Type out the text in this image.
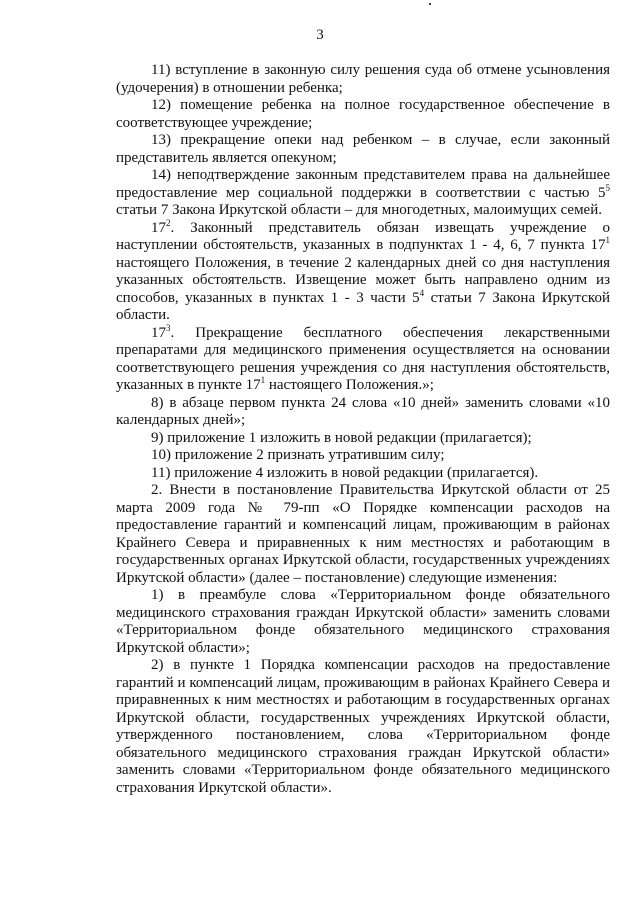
3

11) вступление в законную силу решения суда об отмене усыновления (удочерения) в отношении ребенка;

12) помещение ребенка на полное государственное обеспечение в соответствующее учреждение;

13) прекращение опеки над ребенком – в случае, если законный представитель является опекуном;

14) неподтверждение законным представителем права на дальнейшее предоставление мер социальной поддержки в соответствии с частью $5^5$ статьи 7 Закона Иркутской области – для многодетных, малоимущих семей.

$17^2$. Законный представитель обязан извещать учреждение о наступлении обстоятельств, указанных в подпунктах 1 - 4, 6, 7 пункта $17^1$ настоящего Положения, в течение 2 календарных дней со дня наступления указанных обстоятельств. Извещение может быть направлено одним из способов, указанных в пунктах 1 - 3 части $5^4$ статьи 7 Закона Иркутской области.

$17^3$. Прекращение бесплатного обеспечения лекарственными препаратами для медицинского применения осуществляется на основании соответствующего решения учреждения со дня наступления обстоятельств, указанных в пункте $17^1$ настоящего Положения.»;

8) в абзаце первом пункта 24 слова «10 дней» заменить словами «10 календарных дней»;

9) приложение 1 изложить в новой редакции (прилагается);

10) приложение 2 признать утратившим силу;

11) приложение 4 изложить в новой редакции (прилагается).

2. Внести в постановление Правительства Иркутской области от 25 марта 2009 года № 79-пп «О Порядке компенсации расходов на предоставление гарантий и компенсаций лицам, проживающим в районах Крайнего Севера и приравненных к ним местностях и работающим в государственных органах Иркутской области, государственных учреждениях Иркутской области» (далее – постановление) следующие изменения:

1) в преамбуле слова «Территориальном фонде обязательного медицинского страхования граждан Иркутской области» заменить словами «Территориальном фонде обязательного медицинского страхования Иркутской области»;

2) в пункте 1 Порядка компенсации расходов на предоставление гарантий и компенсаций лицам, проживающим в районах Крайнего Севера и приравненных к ним местностях и работающим в государственных органах Иркутской области, государственных учреждениях Иркутской области, утвержденного постановлением, слова «Территориальном фонде обязательного медицинского страхования граждан Иркутской области» заменить словами «Территориальном фонде обязательного медицинского страхования Иркутской области».
